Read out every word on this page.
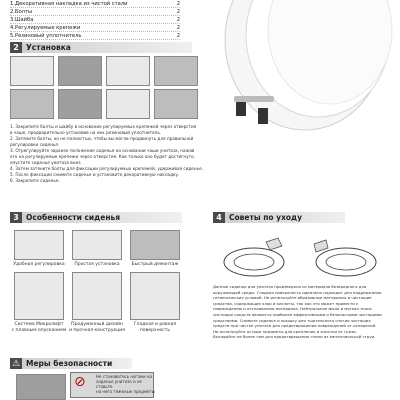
1.Декоративная накладка из чистой стали	2
2.Болты	2
3.Шайба	2
4.Регулируемые крепежи	2
5.Резиновый уплотнитель	2
2 Установка
1. Закрепите болты и шайбу в основание регулируемых крепежей через отверстия
в чаше, предварительно установив на них резиновый уплотнитель.
2. Затяните болты, но не полностью, чтобы вы могли продвинуть для правильной
регулировки сиденья.
3. Отрегулируйте заранее положение сиденья на основании чаши унитаза, нажав
его на регулируемые крепежи через отверстия. Как только оно будет достигнуто,
опустите сиденье унитаза вниз.
4. Затем затяните болты для фиксации регулируемых крепежей, удерживая сиденье.
5. После фиксации снимите сиденье и установите декоративную накладку.
6. Закрепите сиденье.
3 Особенности сиденья
Удобная регулировка	Простая установка	Быстрый демонтаж
Система Микролифт
с плавным опусканием
Продуманный дизайн
и прочная конструкция
Гладкая и ровная
поверхность
4 Советы по уходу
Данное сиденье для унитаза произведено из материала безвредного для
окружающей среды. Гладкая поверхность идеально подходит для поддержания
гигиенических условий. Не используйте абразивные материалы и чистящие
средства, содержащие хлор и кислоты, так как это может привести к
повреждению и отслаиванию материала. Нейтральное мыло и мягкая ткань
чистящих средств являются наиболее эффективными и безопасными чистящими
средствами. Снимите сиденье и крышку для тщательного снятия чистящих
средств при чистке унитаза для предотвращения повреждений от испарений.
Не используйте острые предметы для крепления и очистки от грязи.
Вытирайте не более чем для предотвращения гнили из металлической струи.
⚠ Меры безопасности
Не становитесь ногами на
сиденье унитаза и не ставьте
на него тяжелые предметы
⊘
